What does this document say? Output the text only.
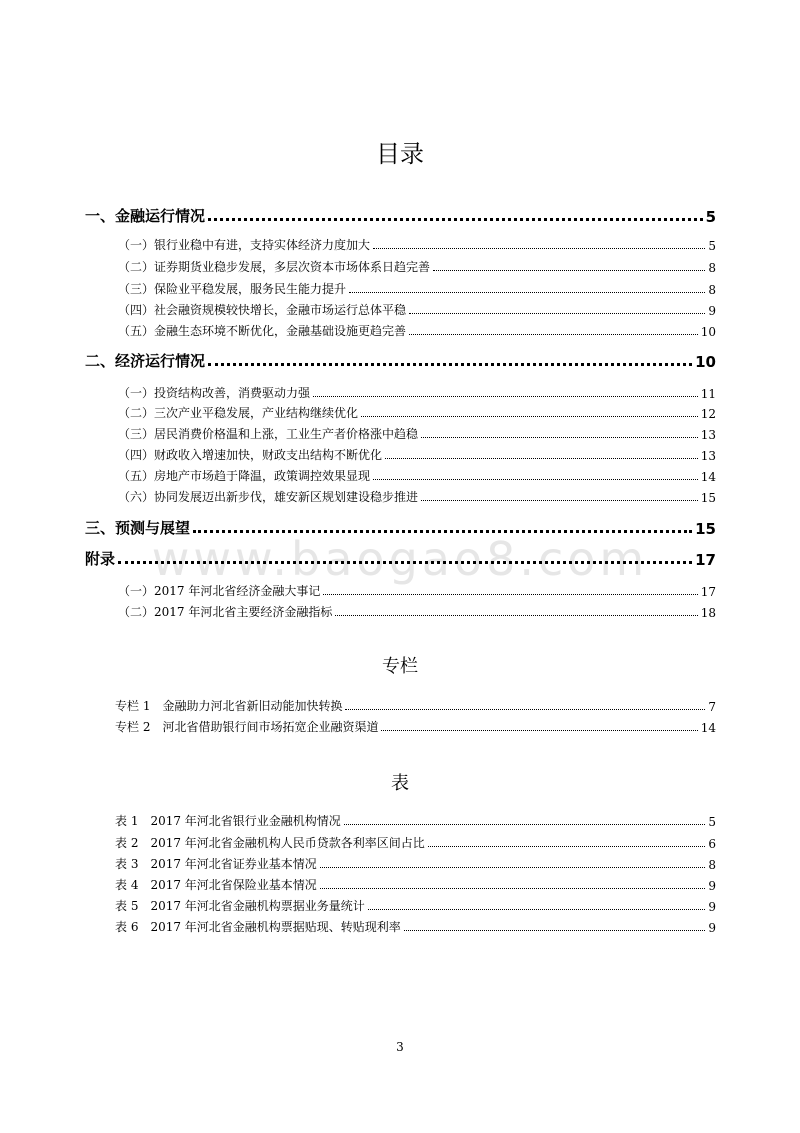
目录
www.baogao8.com
一、金融运行情况	5
（一）银行业稳中有进，支持实体经济力度加大	5
（二）证券期货业稳步发展，多层次资本市场体系日趋完善	8
（三）保险业平稳发展，服务民生能力提升	8
（四）社会融资规模较快增长，金融市场运行总体平稳	9
（五）金融生态环境不断优化，金融基础设施更趋完善	10
二、经济运行情况	10
（一）投资结构改善，消费驱动力强	11
（二）三次产业平稳发展，产业结构继续优化	12
（三）居民消费价格温和上涨，工业生产者价格涨中趋稳	13
（四）财政收入增速加快，财政支出结构不断优化	13
（五）房地产市场趋于降温，政策调控效果显现	14
（六）协同发展迈出新步伐，雄安新区规划建设稳步推进	15
三、预测与展望	15
附录	17
（一）2017 年河北省经济金融大事记	17
（二）2017 年河北省主要经济金融指标	18
专栏
专栏 1　金融助力河北省新旧动能加快转换	7
专栏 2　河北省借助银行间市场拓宽企业融资渠道	14
表
表 1　2017 年河北省银行业金融机构情况	5
表 2　2017 年河北省金融机构人民币贷款各利率区间占比	6
表 3　2017 年河北省证券业基本情况	8
表 4　2017 年河北省保险业基本情况	9
表 5　2017 年河北省金融机构票据业务量统计	9
表 6　2017 年河北省金融机构票据贴现、转贴现利率	9
3
